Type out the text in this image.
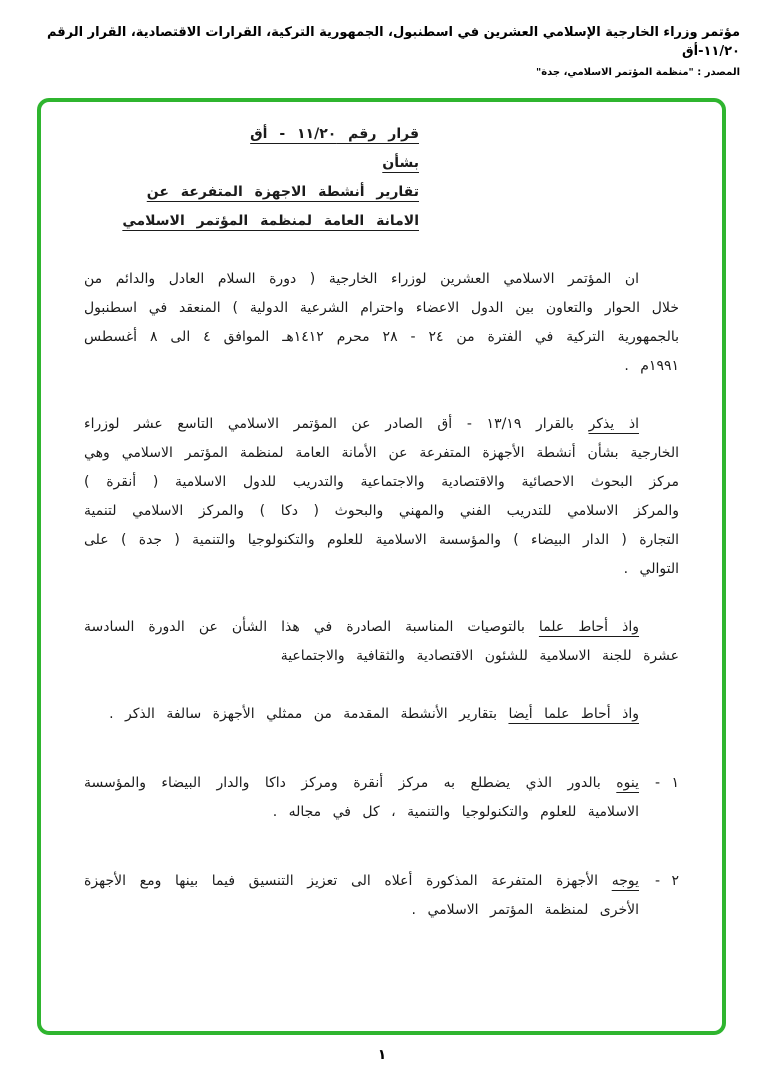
مؤتمر وزراء الخارجية الإسلامي العشرين في اسطنبول، الجمهورية التركية، القرارات الاقتصادية، القرار الرقم ١١/٢٠-أق
المصدر : "منظمة المؤتمر الاسلامي، جدة"
قرار رقم ١١/٢٠ - أق
بشأن
تقارير أنشطة الاجهزة المتفرعة عن
الامانة العامة لمنظمة المؤتمر الاسلامي

ان المؤتمر الاسلامي العشرين لوزراء الخارجية ( دورة السلام العادل والدائم من خلال الحوار والتعاون بين الدول الاعضاء واحترام الشرعية الدولية ) المنعقد في اسطنبول بالجمهورية التركية في الفترة من ٢٤ - ٢٨ محرم ١٤١٢هـ الموافق ٤ الى ٨ أغسطس ١٩٩١م .

اذ يذكر بالقرار ١٣/١٩ - أق الصادر عن المؤتمر الاسلامي التاسع عشر لوزراء الخارجية بشأن أنشطة الأجهزة المتفرعة عن الأمانة العامة لمنظمة المؤتمر الاسلامي وهي مركز البحوث الاحصائية والاقتصادية والاجتماعية والتدريب للدول الاسلامية ( أنقرة ) والمركز الاسلامي للتدريب الفني والمهني والبحوث ( دكا ) والمركز الاسلامي لتنمية التجارة ( الدار البيضاء ) والمؤسسة الاسلامية للعلوم والتكنولوجيا والتنمية ( جدة ) على التوالي .

واذ أحاط علما بالتوصيات المناسبة الصادرة في هذا الشأن عن الدورة السادسة عشرة للجنة الاسلامية للشئون الاقتصادية والثقافية والاجتماعية

واذ أحاط علما أيضا بتقارير الأنشطة المقدمة من ممثلي الأجهزة سالفة الذكر .

١ -
ينوه بالدور الذي يضطلع به مركز أنقرة ومركز داكا والدار البيضاء والمؤسسة الاسلامية للعلوم والتكنولوجيا والتنمية ، كل في مجاله .
٢ -
يوجه الأجهزة المتفرعة المذكورة أعلاه الى تعزيز التنسيق فيما بينها ومع الأجهزة الأخرى لمنظمة المؤتمر الاسلامي .
١
